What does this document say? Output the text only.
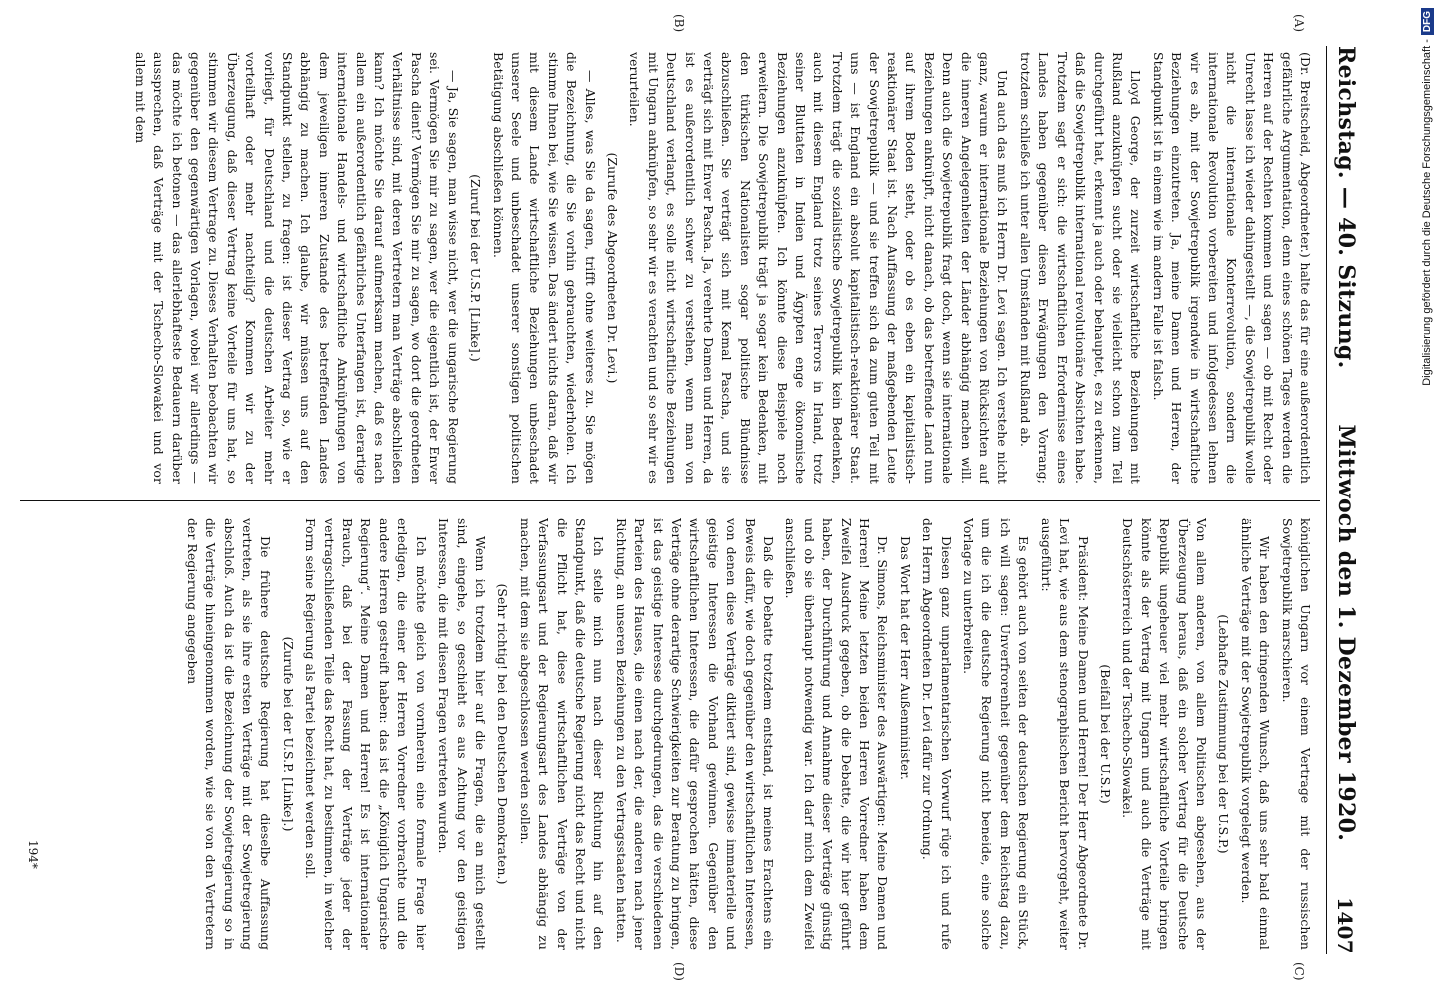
Reichstag. — 40. Sitzung.
Mittwoch den 1. Dezember 1920.
1407
(A)
(B)
(C)
(D)

(Dr. Breitscheid, Abgeordneter.) halte das für eine außerordentlich gefährliche Argumentation, denn eines schönen Tages werden die Herren auf der Rechten kommen und sagen — ob mit Recht oder Unrecht lasse ich wieder dahingestellt —, die Sowjetrepublik wolle nicht die internationale Konterrevolution, sondern die internationale Revolution vorbereiten und infolgedessen lehnen wir es ab, mit der Sowjetrepublik irgendwie in wirtschaftliche Beziehungen einzutreten. Ja, meine Damen und Herren, der Standpunkt ist in einem wie im andern Falle ist falsch.

Lloyd George, der zurzeit wirtschaftliche Beziehungen mit Rußland anzuknüpfen sucht oder sie vielleicht schon zum Teil durchgeführt hat, erkennt ja auch oder behauptet, es zu erkennen, daß die Sowjetrepublik international revolutionäre Absichten habe. Trotzdem sagt er sich: die wirtschaftlichen Erfordernisse eines Landes haben gegenüber diesen Erwägungen den Vorrang; trotzdem schließe ich unter allen Umständen mit Rußland ab.

Und auch das muß ich Herrn Dr. Levi sagen. Ich verstehe nicht ganz, warum er internationale Beziehungen von Rücksichten auf die inneren Angelegenheiten der Länder abhängig machen will. Denn auch die Sowjetrepublik fragt doch, wenn sie internationale Beziehungen anknüpft, nicht danach, ob das betreffende Land nun auf ihrem Boden steht, oder ob es eben ein kapitalistisch-reaktionärer Staat ist. Nach Auffassung der maßgebenden Leute der Sowjetrepublik — und sie treffen sich da zum guten Teil mit uns — ist England ein absolut kapitalistisch-reaktionärer Staat. Trotzdem trägt die sozialistische Sowjetrepublik kein Bedenken, auch mit diesem England trotz seines Terrors in Irland, trotz seiner Bluttaten in Indien und Ägypten enge ökonomische Beziehungen anzuknüpfen. Ich könnte diese Beispiele noch erweitern. Die Sowjetrepublik trägt ja sogar kein Bedenken, mit den türkischen Nationalisten sogar politische Bündnisse abzuschließen. Sie verträgt sich mit Kemal Pascha, und sie verträgt sich mit Enver Pascha. Ja, verehrte Damen und Herren, da ist es außerordentlich schwer zu verstehen, wenn man von Deutschland verlangt, es solle nicht wirtschaftliche Beziehungen mit Ungarn anknüpfen, so sehr wir es verachten und so sehr wir es verurteilen.

(Zurufe des Abgeordneten Dr. Levi.)

— Alles, was Sie da sagen, trifft ohne weiteres zu. Sie mögen die Bezeichnung, die Sie vorhin gebrauchten, wiederholen. Ich stimme Ihnen bei, wie Sie wissen. Das ändert nichts daran, daß wir mit diesem Lande wirtschaftliche Beziehungen unbeschadet unserer Seele und unbeschadet unserer sonstigen politischen Betätigung abschließen können.

(Zuruf bei der U.S.P. [Linke].)

— Ja, Sie sagen, man wisse nicht, wer die ungarische Regierung sei. Vermögen Sie mir zu sagen, wer die eigentlich ist, der Enver Pascha dient? Vermögen Sie mir zu sagen, wo dort die geordneten Verhältnisse sind, mit deren Vertretern man Verträge abschließen kann? Ich möchte Sie darauf aufmerksam machen, daß es nach allem ein außerordentlich gefährliches Unterfangen ist, derartige internationale Handels- und wirtschaftliche Anknüpfungen von dem jeweiligen inneren Zustande des betreffenden Landes abhängig zu machen. Ich glaube, wir müssen uns auf den Standpunkt stellen, zu fragen: ist dieser Vertrag so, wie er vorliegt, für Deutschland und die deutschen Arbeiter mehr vorteilhaft oder mehr nachteilig? Kommen wir zu der Überzeugung, daß dieser Vertrag keine Vorteile für uns hat, so stimmen wir diesem Vertrage zu. Dieses Verhalten beobachten wir gegenüber den gegenwärtigen Vorlagen, wobei wir allerdings — das möchte ich betonen — das allerlebhafteste Bedauern darüber aussprechen, daß Verträge mit der Tschecho-Slowakei und vor allem mit dem

königlichen Ungarn vor einem Vertrage mit der russischen Sowjetrepublik marschieren.

Wir haben den dringenden Wunsch, daß uns sehr bald einmal ähnliche Verträge mit der Sowjetrepublik vorgelegt werden.

(Lebhafte Zustimmung bei der U.S.P.)

Von allem anderen, von allem Politischen abgesehen, aus der Überzeugung heraus, daß ein solcher Vertrag für die Deutsche Republik ungeheuer viel mehr wirtschaftliche Vorteile bringen könnte als der Vertrag mit Ungarn und auch die Verträge mit Deutschösterreich und der Tschecho-Slowakei.

(Beifall bei der U.S.P.)

Präsident: Meine Damen und Herren! Der Herr Abgeordnete Dr. Levi hat, wie aus dem stenographischen Bericht hervorgeht, weiter ausgeführt:

Es gehört auch von seiten der deutschen Regierung ein Stück, ich will sagen: Unverfrorenheit gegenüber dem Reichstag dazu, um die ich die deutsche Regierung nicht beneide, eine solche Vorlage zu unterbreiten.

Diesen ganz unparlamentarischen Vorwurf rüge ich und rufe den Herrn Abgeordneten Dr. Levi dafür zur Ordnung.

Das Wort hat der Herr Außenminister.

Dr. Simons, Reichsminister des Auswärtigen: Meine Damen und Herren! Meine letzten beiden Herren Vorredner haben dem Zweifel Ausdruck gegeben, ob die Debatte, die wir hier geführt haben, der Durchführung und Annahme dieser Verträge günstig und ob sie überhaupt notwendig war. Ich darf mich dem Zweifel anschließen.

Daß die Debatte trotzdem entstand, ist meines Erachtens ein Beweis dafür, wie doch gegenüber den wirtschaftlichen Interessen, von denen diese Verträge diktiert sind, gewisse immaterielle und geistige Interessen die Vorhand gewinnen. Gegenüber den wirtschaftlichen Interessen, die dafür gesprochen hätten, diese Verträge ohne derartige Schwierigkeiten zur Beratung zu bringen, ist das geistige Interesse durchgedrungen, das die verschiedenen Parteien des Hauses, die einen nach der, die anderen nach jener Richtung, an unseren Beziehungen zu den Vertragsstaaten hatten.

Ich stelle mich nun nach dieser Richtung hin auf den Standpunkt, daß die deutsche Regierung nicht das Recht und nicht die Pflicht hat, diese wirtschaftlichen Verträge von der Verfassungsart und der Regierungsart des Landes abhängig zu machen, mit dem sie abgeschlossen werden sollen.

(Sehr richtig! bei den Deutschen Demokraten.)

Wenn ich trotzdem hier auf die Fragen, die an mich gestellt sind, eingehe, so geschieht es aus Achtung vor den geistigen Interessen, die mit diesen Fragen vertreten wurden.

Ich möchte gleich von vornherein eine formale Frage hier erledigen, die einer der Herren Vorredner vorbrachte und die andere Herren gestreift haben: das ist die „Königlich Ungarische Regierung“. Meine Damen und Herren! Es ist internationaler Brauch, daß bei der Fassung der Verträge jeder der vertragschließenden Teile das Recht hat, zu bestimmen, in welcher Form seine Regierung als Partei bezeichnet werden soll.

(Zurufe bei der U.S.P. [Linke].)

Die frühere deutsche Regierung hat dieselbe Auffassung vertreten, als sie ihre ersten Verträge mit der Sowjetregierung abschloß. Auch da ist die Bezeichnung der Sowjetregierung so in die Verträge hineingenommen worden, wie sie von den Vertretern der Regierung angegeben

194*
Digitalisierung gefördert durch die Deutsche Forschungsgemeinschaft -DFG
